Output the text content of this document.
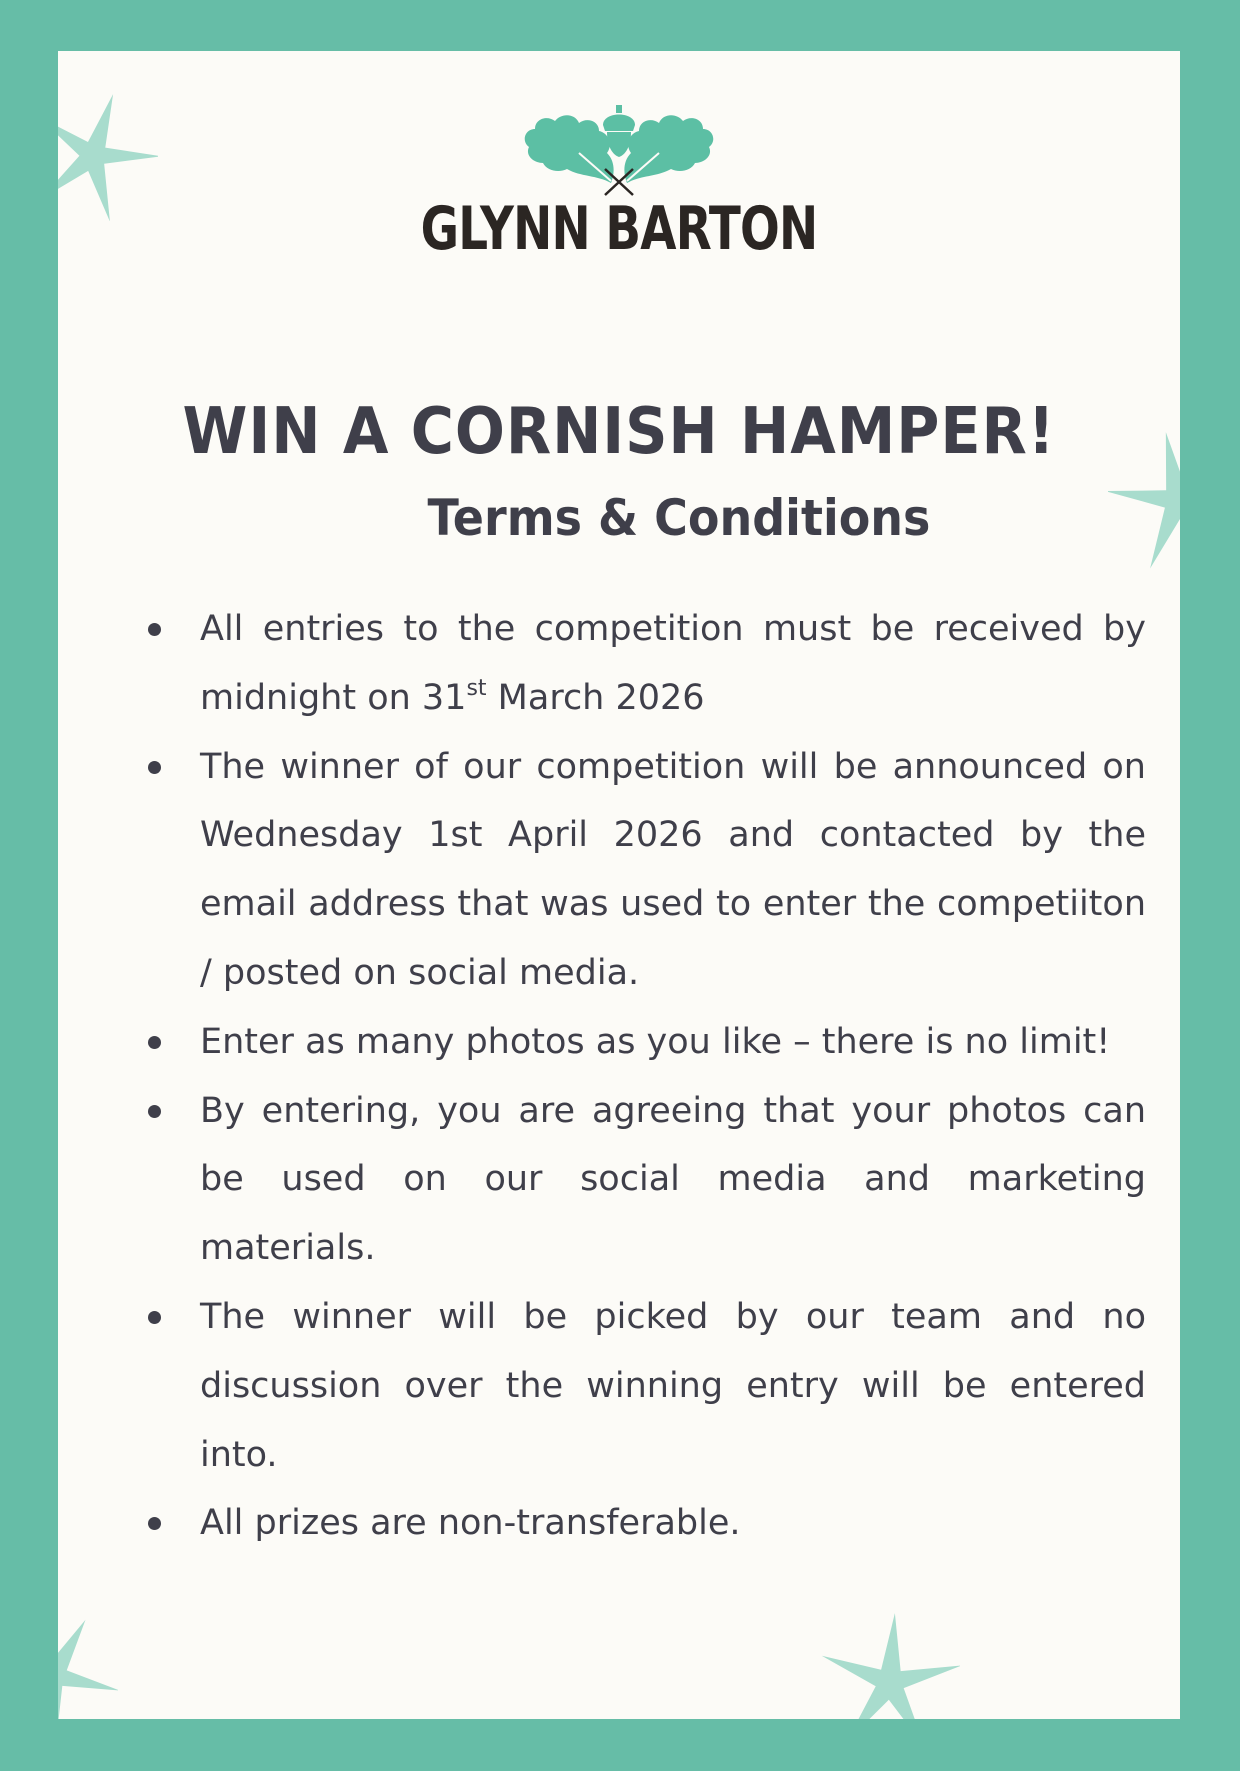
GLYNN BARTON
WIN A CORNISH HAMPER!
Terms & Conditions
All entries to the competition must be received by midnight on 31st March 2026
The winner of our competition will be announced on Wednesday 1st April 2026 and contacted by the email address that was used to enter the competiiton / posted on social media.
Enter as many photos as you like – there is no limit!
By entering, you are agreeing that your photos can be used on our social media and marketing materials.
The winner will be picked by our team and no discussion over the winning entry will be entered into.
All prizes are non-transferable.
